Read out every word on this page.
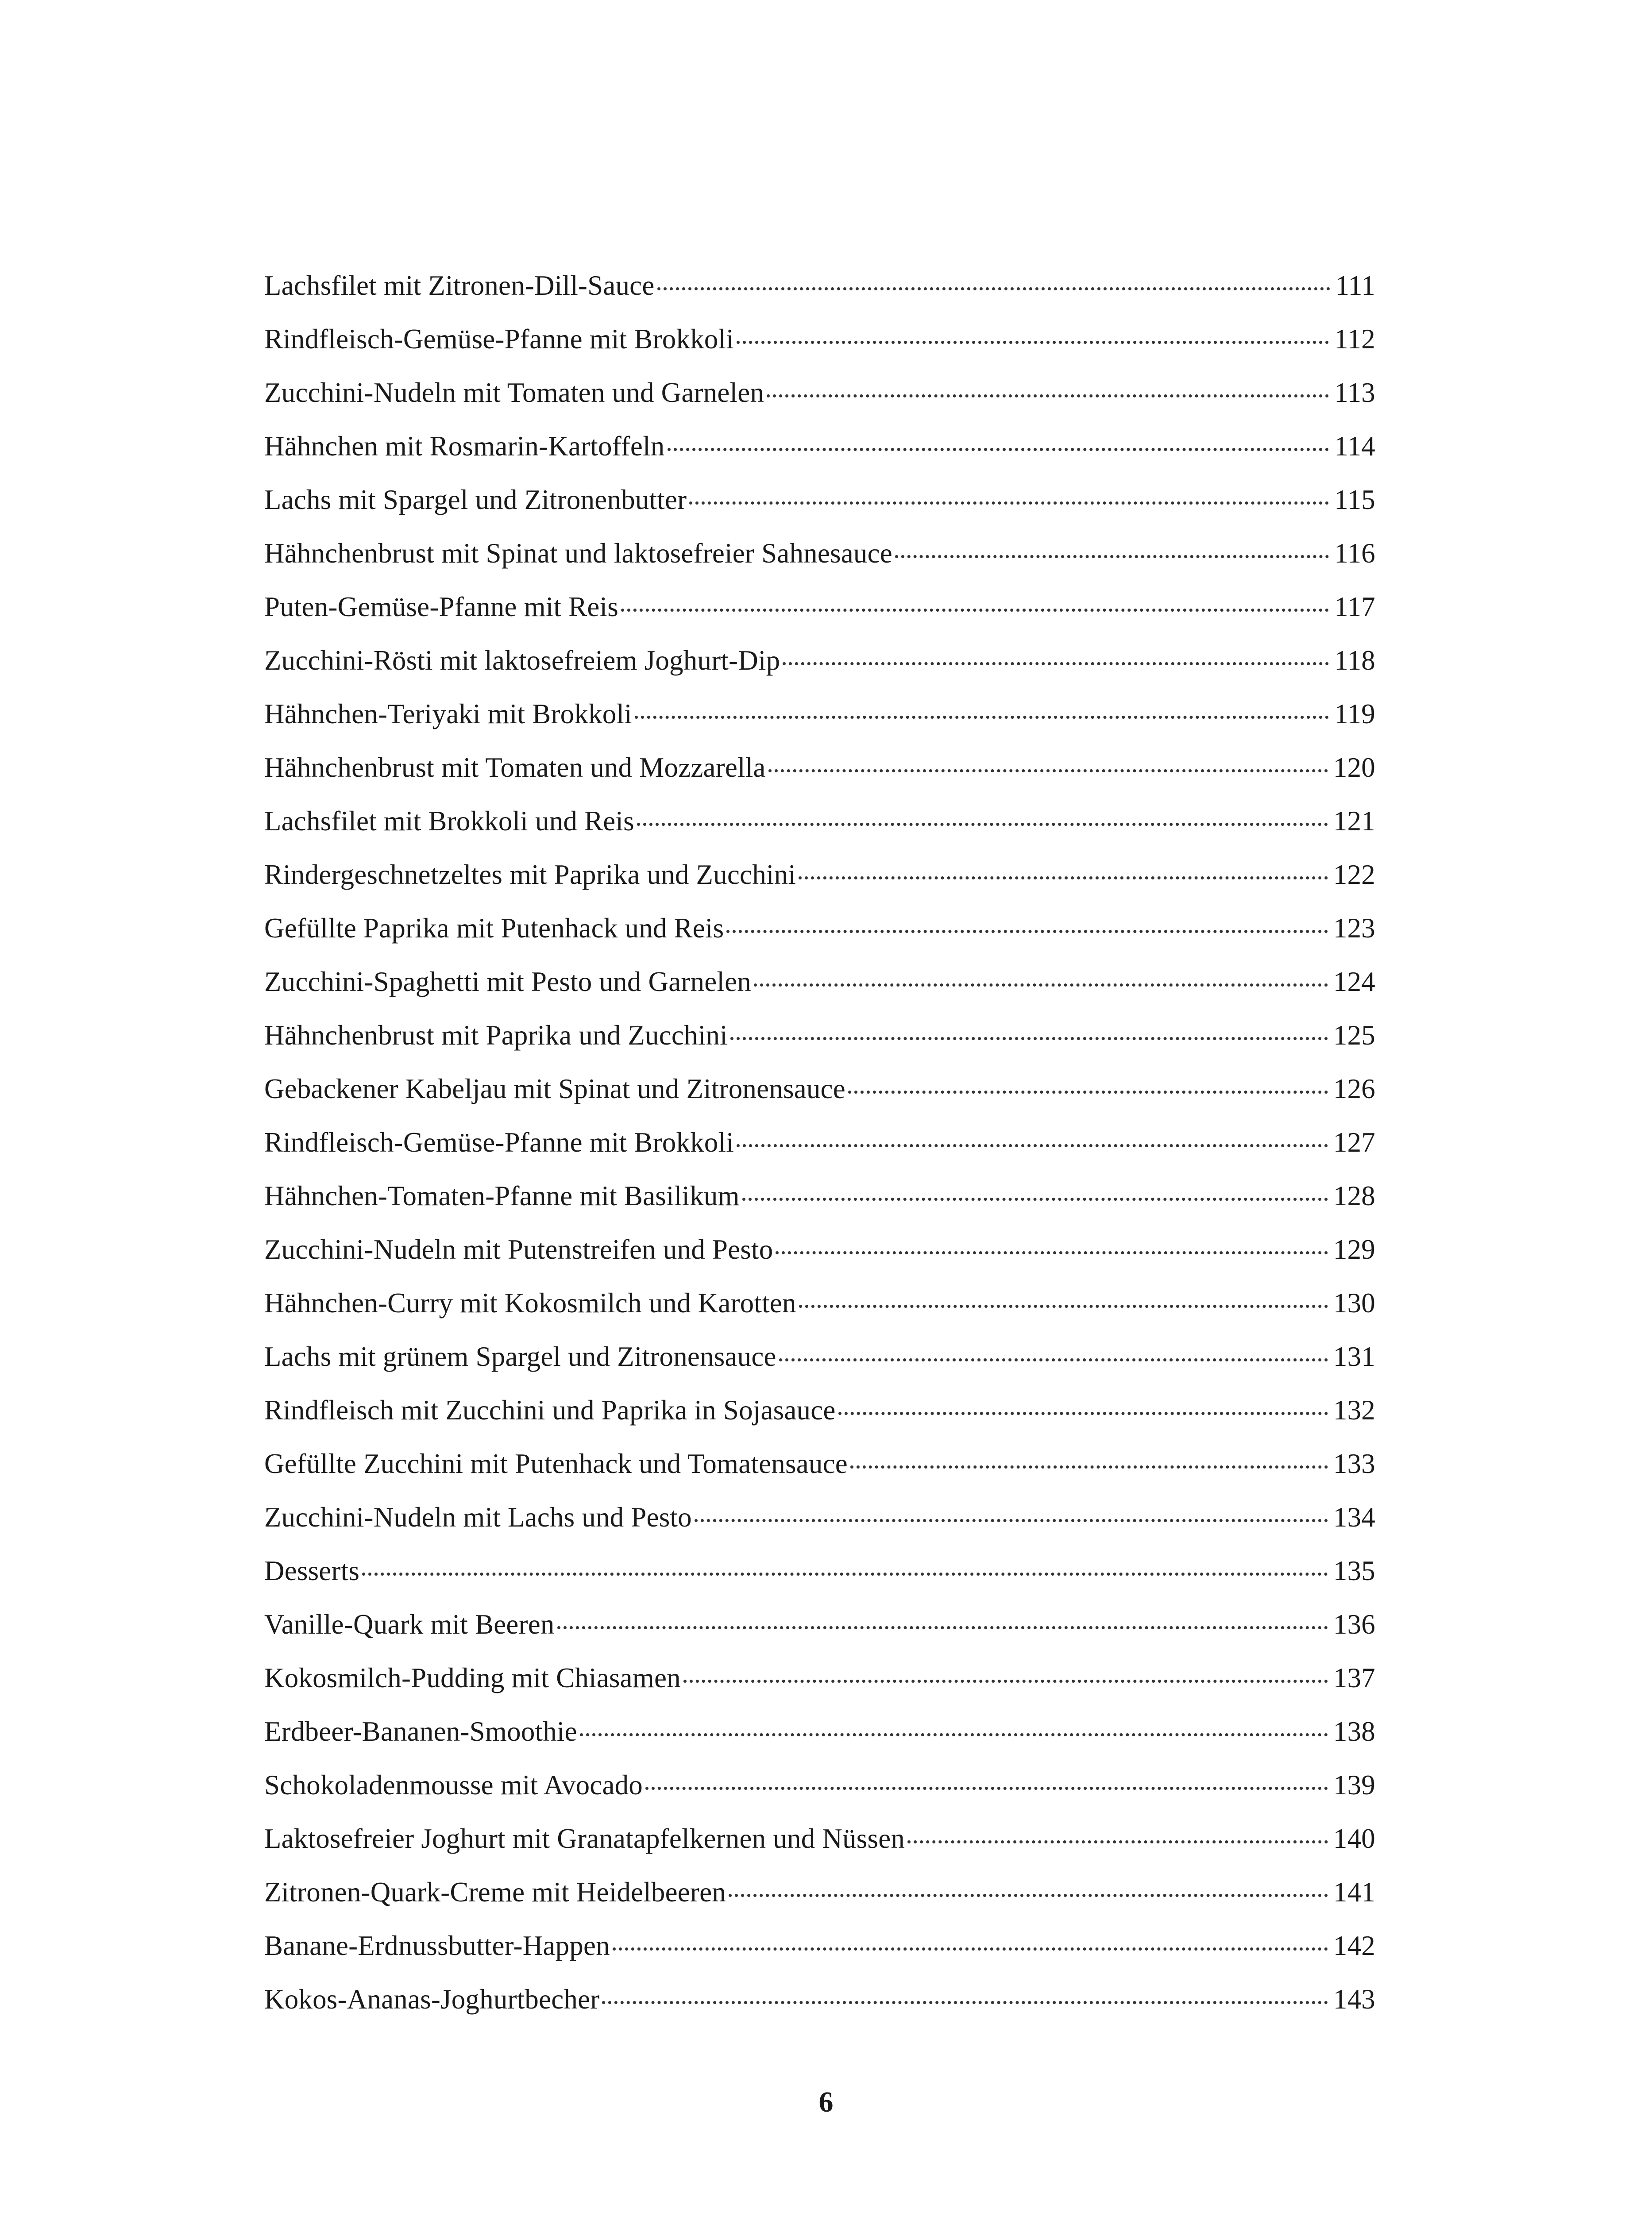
Lachsfilet mit Zitronen-Dill-Sauce	111
Rindfleisch-Gemüse-Pfanne mit Brokkoli	112
Zucchini-Nudeln mit Tomaten und Garnelen	113
Hähnchen mit Rosmarin-Kartoffeln	114
Lachs mit Spargel und Zitronenbutter	115
Hähnchenbrust mit Spinat und laktosefreier Sahnesauce	116
Puten-Gemüse-Pfanne mit Reis	117
Zucchini-Rösti mit laktosefreiem Joghurt-Dip	118
Hähnchen-Teriyaki mit Brokkoli	119
Hähnchenbrust mit Tomaten und Mozzarella	120
Lachsfilet mit Brokkoli und Reis	121
Rindergeschnetzeltes mit Paprika und Zucchini	122
Gefüllte Paprika mit Putenhack und Reis	123
Zucchini-Spaghetti mit Pesto und Garnelen	124
Hähnchenbrust mit Paprika und Zucchini	125
Gebackener Kabeljau mit Spinat und Zitronensauce	126
Rindfleisch-Gemüse-Pfanne mit Brokkoli	127
Hähnchen-Tomaten-Pfanne mit Basilikum	128
Zucchini-Nudeln mit Putenstreifen und Pesto	129
Hähnchen-Curry mit Kokosmilch und Karotten	130
Lachs mit grünem Spargel und Zitronensauce	131
Rindfleisch mit Zucchini und Paprika in Sojasauce	132
Gefüllte Zucchini mit Putenhack und Tomatensauce	133
Zucchini-Nudeln mit Lachs und Pesto	134
Desserts	135
Vanille-Quark mit Beeren	136
Kokosmilch-Pudding mit Chiasamen	137
Erdbeer-Bananen-Smoothie	138
Schokoladenmousse mit Avocado	139
Laktosefreier Joghurt mit Granatapfelkernen und Nüssen	140
Zitronen-Quark-Creme mit Heidelbeeren	141
Banane-Erdnussbutter-Happen	142
Kokos-Ananas-Joghurtbecher	143
6
